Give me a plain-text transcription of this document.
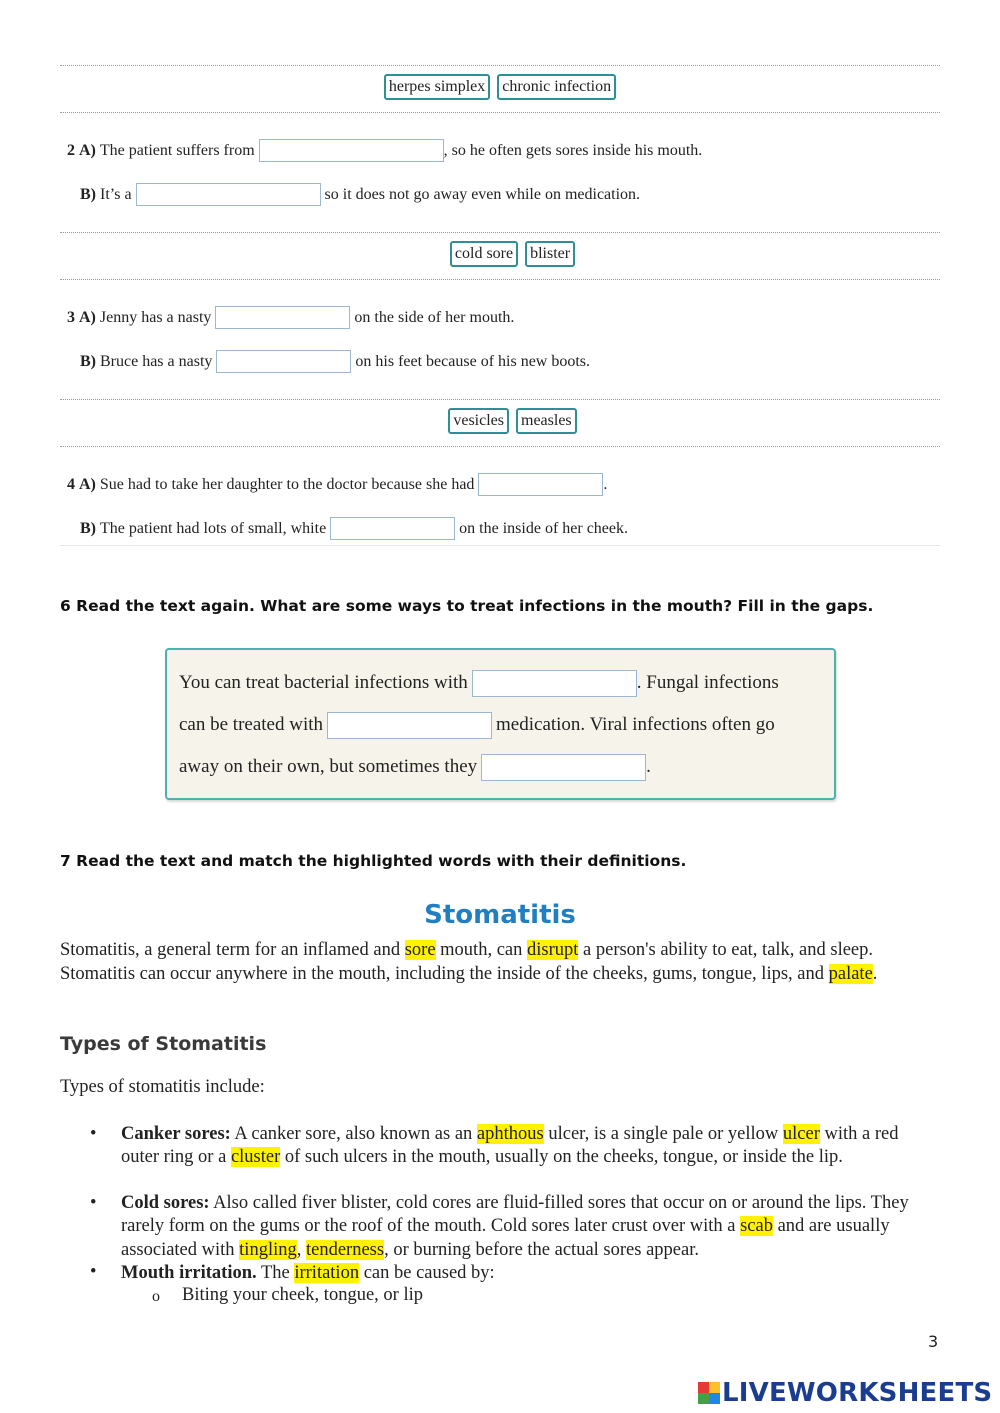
herpes simplex	chronic infection
2
A)
The patient suffers from	, so he often gets sores inside his mouth.
B)
It’s a	so it does not go away even while on medication.
cold sore	blister
3
A)
Jenny has a nasty	on the side of her mouth.
B)
Bruce has a nasty	on his feet because of his new boots.
vesicles	measles
4
A)
Sue had to take her daughter to the doctor because she had	.
B)
The patient had lots of small, white	on the inside of her cheek.
6 Read the text again. What are some ways to treat infections in the mouth? Fill in the gaps.
You can treat bacterial infections with	. Fungal infections
can be treated with	medication. Viral infections often go
away on their own, but sometimes they	.
7 Read the text and match the highlighted words with their definitions.
Stomatitis
Stomatitis, a general term for an inflamed and sore mouth, can disrupt a person's ability to eat, talk, and sleep. Stomatitis can occur anywhere in the mouth, including the inside of the cheeks, gums, tongue, lips, and palate.
Types of Stomatitis
Types of stomatitis include:
• Canker sores: A canker sore, also known as an aphthous ulcer, is a single pale or yellow ulcer with a red outer ring or a cluster of such ulcers in the mouth, usually on the cheeks, tongue, or inside the lip.
• Cold sores: Also called fiver blister, cold cores are fluid-filled sores that occur on or around the lips. They rarely form on the gums or the roof of the mouth. Cold sores later crust over with a scab and are usually associated with tingling, tenderness, or burning before the actual sores appear.
• Mouth irritation. The irritation can be caused by:
o Biting your cheek, tongue, or lip
3
LIVEWORKSHEETS
